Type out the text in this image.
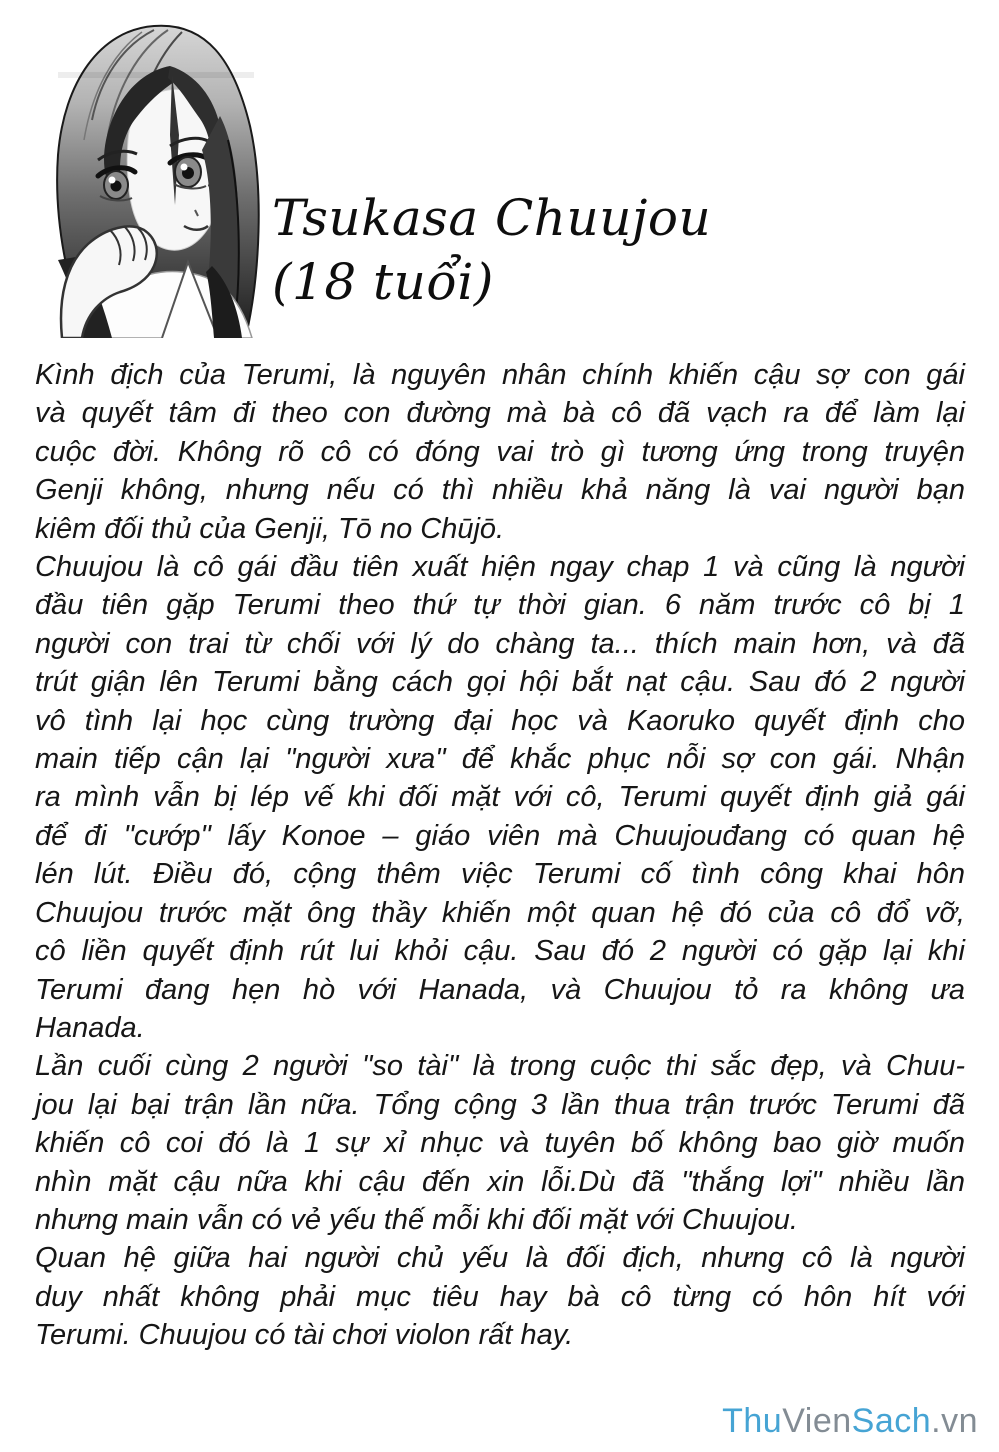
Tsukasa Chuujou
(18 tuổi)
Kình địch của Terumi, là nguyên nhân chính khiến cậu sợ con gái
và quyết tâm đi theo con đường mà bà cô đã vạch ra để làm lại
cuộc đời. Không rõ cô có đóng vai trò gì tương ứng trong truyện
Genji không, nhưng nếu có thì nhiều khả năng là vai người bạn
kiêm đối thủ của Genji, Tō no Chūjō.
Chuujou là cô gái đầu tiên xuất hiện ngay chap 1 và cũng là người
đầu tiên gặp Terumi theo thứ tự thời gian. 6 năm trước cô bị 1
người con trai từ chối với lý do chàng ta... thích main hơn, và đã
trút giận lên Terumi bằng cách gọi hội bắt nạt cậu. Sau đó 2 người
vô tình lại học cùng trường đại học và Kaoruko quyết định cho
main tiếp cận lại "người xưa" để khắc phục nỗi sợ con gái. Nhận
ra mình vẫn bị lép vế khi đối mặt với cô, Terumi quyết định giả gái
để đi "cướp" lấy Konoe – giáo viên mà Chuujouđang có quan hệ
lén lút. Điều đó, cộng thêm việc Terumi cố tình công khai hôn
Chuujou trước mặt ông thầy khiến một quan hệ đó của cô đổ vỡ,
cô liền quyết định rút lui khỏi cậu. Sau đó 2 người có gặp lại khi
Terumi đang hẹn hò với Hanada, và Chuujou tỏ ra không ưa
Hanada.
Lần cuối cùng 2 người "so tài" là trong cuộc thi sắc đẹp, và Chuu-
jou lại bại trận lần nữa. Tổng cộng 3 lần thua trận trước Terumi đã
khiến cô coi đó là 1 sự xỉ nhục và tuyên bố không bao giờ muốn
nhìn mặt cậu nữa khi cậu đến xin lỗi.Dù đã "thắng lợi" nhiều lần
nhưng main vẫn có vẻ yếu thế mỗi khi đối mặt với Chuujou.
Quan hệ giữa hai người chủ yếu là đối địch, nhưng cô là người
duy nhất không phải mục tiêu hay bà cô từng có hôn hít với
Terumi. Chuujou có tài chơi violon rất hay.
ThuVienSach.vn
